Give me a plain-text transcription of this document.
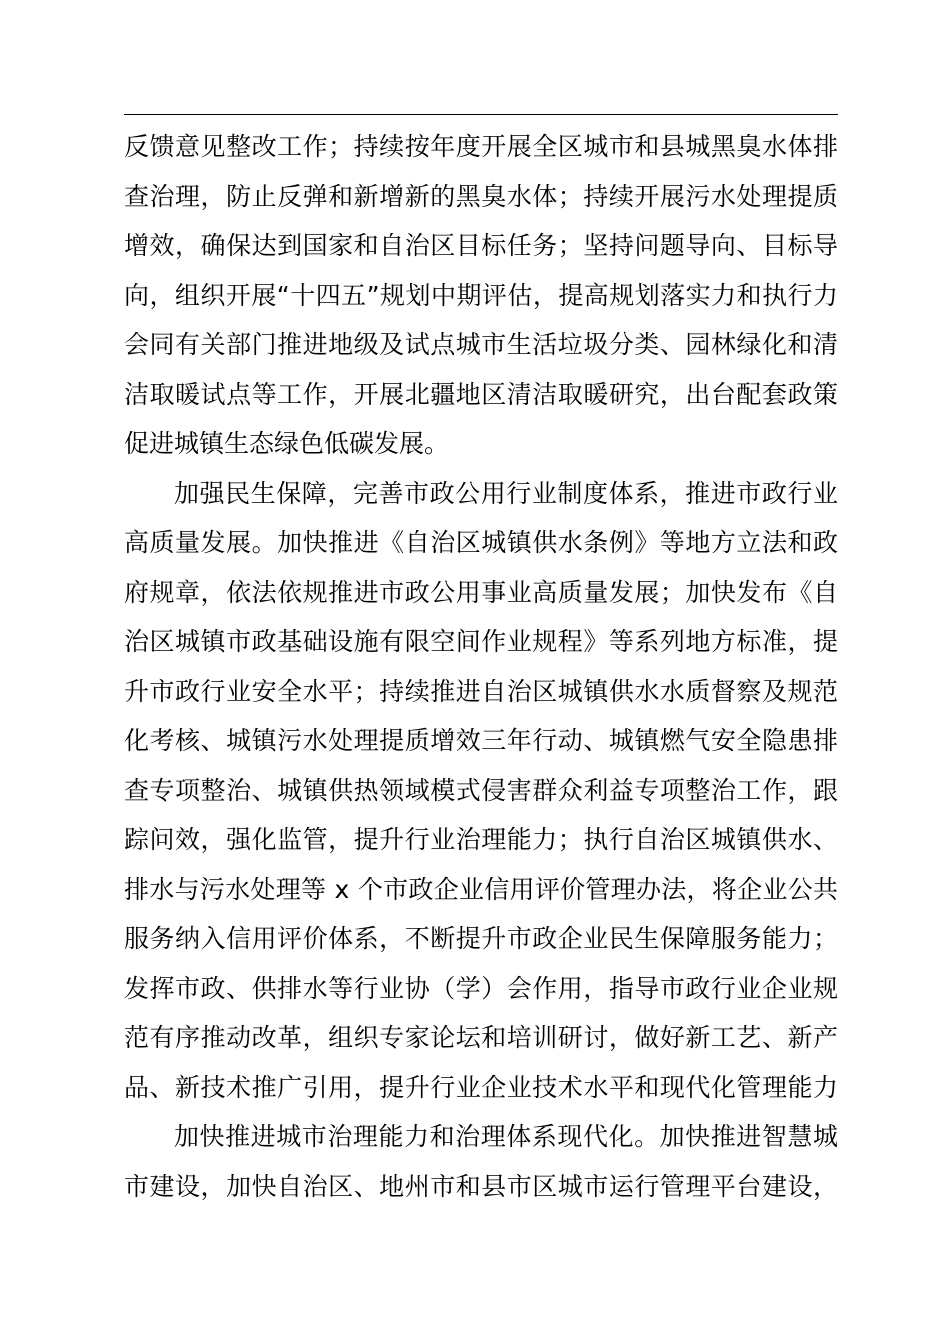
反馈意见整改工作；持续按年度开展全区城市和县城黑臭水体排
查治理，防止反弹和新增新的黑臭水体；持续开展污水处理提质
增效，确保达到国家和自治区目标任务；坚持问题导向、目标导
向，组织开展“十四五”规划中期评估，提高规划落实力和执行力
会同有关部门推进地级及试点城市生活垃圾分类、园林绿化和清
洁取暖试点等工作，开展北疆地区清洁取暖研究，出台配套政策
促进城镇生态绿色低碳发展。
加强民生保障，完善市政公用行业制度体系，推进市政行业
高质量发展。加快推进《自治区城镇供水条例》等地方立法和政
府规章，依法依规推进市政公用事业高质量发展；加快发布《自
治区城镇市政基础设施有限空间作业规程》等系列地方标准，提
升市政行业安全水平；持续推进自治区城镇供水水质督察及规范
化考核、城镇污水处理提质增效三年行动、城镇燃气安全隐患排
查专项整治、城镇供热领域模式侵害群众利益专项整治工作，跟
踪问效，强化监管，提升行业治理能力；执行自治区城镇供水、
排水与污水处理等 x 个市政企业信用评价管理办法，将企业公共
服务纳入信用评价体系，不断提升市政企业民生保障服务能力；
发挥市政、供排水等行业协（学）会作用，指导市政行业企业规
范有序推动改革，组织专家论坛和培训研讨，做好新工艺、新产
品、新技术推广引用，提升行业企业技术水平和现代化管理能力
加快推进城市治理能力和治理体系现代化。加快推进智慧城
市建设，加快自治区、地州市和县市区城市运行管理平台建设，
